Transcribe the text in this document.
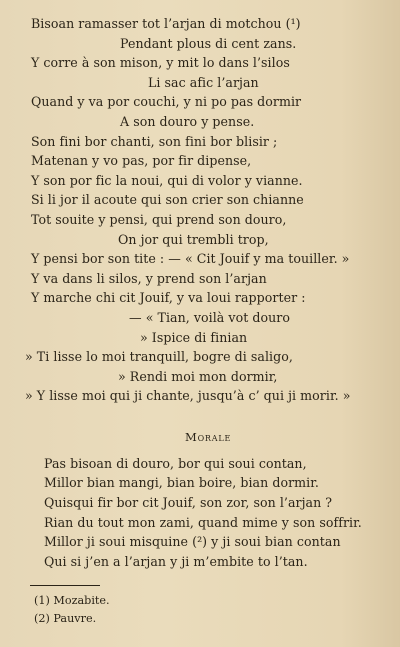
Bisoan ramasser tot l’arjan di motchou (¹)
Pendant plous di cent zans.
Y corre à son mison, y mit lo dans l’silos
Li sac afic l’arjan
Quand y va por couchi, y ni po pas dormir
A son douro y pense.
Son fini bor chanti, son fini bor blisir ;
Matenan y vo pas, por fir dipense,
Y son por fic la noui, qui di volor y vianne.
Si li jor il acoute qui son crier son chianne
Tot souite y pensi, qui prend son douro,
On jor qui trembli trop,
Y pensi bor son tite : — « Cit Jouif y ma touiller. »
Y va dans li silos, y prend son l’arjan
Y marche chi cit Jouif, y va loui rapporter :
— « Tian, voilà vot douro
» Ispice di finian
» Ti lisse lo moi tranquill, bogre di saligo,
» Rendi moi mon dormir,
» Y lisse moi qui ji chante, jusqu’à c’ qui ji morir. »
Morale
Pas bisoan di douro, bor qui soui contan,
Millor bian mangi, bian boire, bian dormir.
Quisqui fir bor cit Jouif, son zor, son l’arjan ?
Rian du tout mon zami, quand mime y son soffrir.
Millor ji soui misquine (²) y ji soui bian contan
Qui si j’en a l’arjan y ji m’embite to l’tan.
(1) Mozabite.
(2) Pauvre.
